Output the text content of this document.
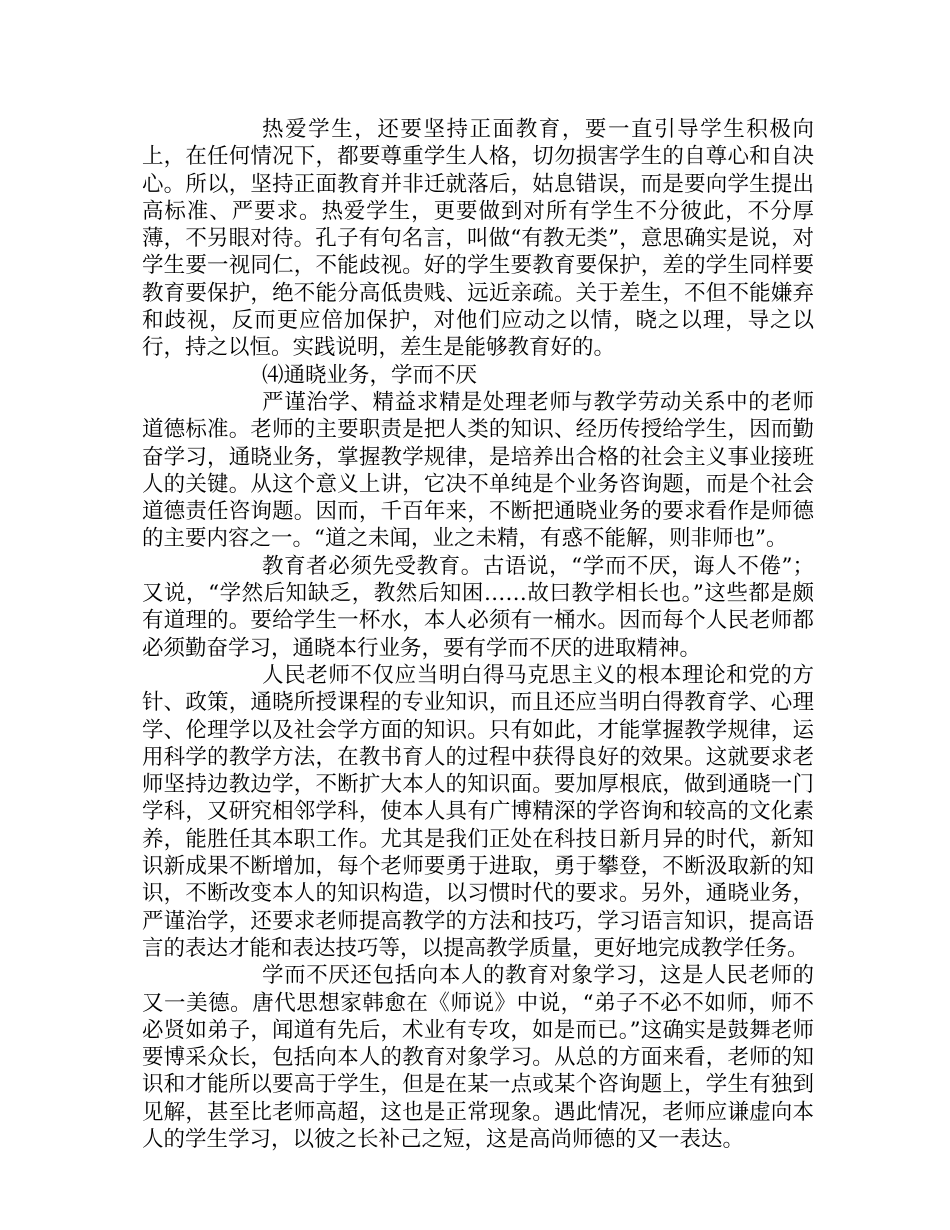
热爱学生，还要坚持正面教育，要一直引导学生积极向上，在任何情况下，都要尊重学生人格，切勿损害学生的自尊心和自决心。所以，坚持正面教育并非迁就落后，姑息错误，而是要向学生提出高标准、严要求。热爱学生，更要做到对所有学生不分彼此，不分厚薄，不另眼对待。孔子有句名言，叫做“有教无类”，意思确实是说，对学生要一视同仁，不能歧视。好的学生要教育要保护，差的学生同样要教育要保护，绝不能分高低贵贱、远近亲疏。关于差生，不但不能嫌弃和歧视，反而更应倍加保护，对他们应动之以情，晓之以理，导之以行，持之以恒。实践说明，差生是能够教育好的。

⑷通晓业务，学而不厌

严谨治学、精益求精是处理老师与教学劳动关系中的老师道德标准。老师的主要职责是把人类的知识、经历传授给学生，因而勤奋学习，通晓业务，掌握教学规律，是培养出合格的社会主义事业接班人的关键。从这个意义上讲，它决不单纯是个业务咨询题，而是个社会道德责任咨询题。因而，千百年来，不断把通晓业务的要求看作是师德的主要内容之一。“道之未闻，业之未精，有惑不能解，则非师也”。

教育者必须先受教育。古语说，“学而不厌，诲人不倦”；又说，“学然后知缺乏，教然后知困……故曰教学相长也。”这些都是颇有道理的。要给学生一杯水，本人必须有一桶水。因而每个人民老师都必须勤奋学习，通晓本行业务，要有学而不厌的进取精神。

人民老师不仅应当明白得马克思主义的根本理论和党的方针、政策，通晓所授课程的专业知识，而且还应当明白得教育学、心理学、伦理学以及社会学方面的知识。只有如此，才能掌握教学规律，运用科学的教学方法，在教书育人的过程中获得良好的效果。这就要求老师坚持边教边学，不断扩大本人的知识面。要加厚根底，做到通晓一门学科，又研究相邻学科，使本人具有广博精深的学咨询和较高的文化素养，能胜任其本职工作。尤其是我们正处在科技日新月异的时代，新知识新成果不断增加，每个老师要勇于进取，勇于攀登，不断汲取新的知识，不断改变本人的知识构造，以习惯时代的要求。另外，通晓业务，严谨治学，还要求老师提高教学的方法和技巧，学习语言知识，提高语言的表达才能和表达技巧等，以提高教学质量，更好地完成教学任务。

学而不厌还包括向本人的教育对象学习，这是人民老师的又一美德。唐代思想家韩愈在《师说》中说，“弟子不必不如师，师不必贤如弟子，闻道有先后，术业有专攻，如是而已。”这确实是鼓舞老师要博采众长，包括向本人的教育对象学习。从总的方面来看，老师的知识和才能所以要高于学生，但是在某一点或某个咨询题上，学生有独到见解，甚至比老师高超，这也是正常现象。遇此情况，老师应谦虚向本人的学生学习，以彼之长补己之短，这是高尚师德的又一表达。
